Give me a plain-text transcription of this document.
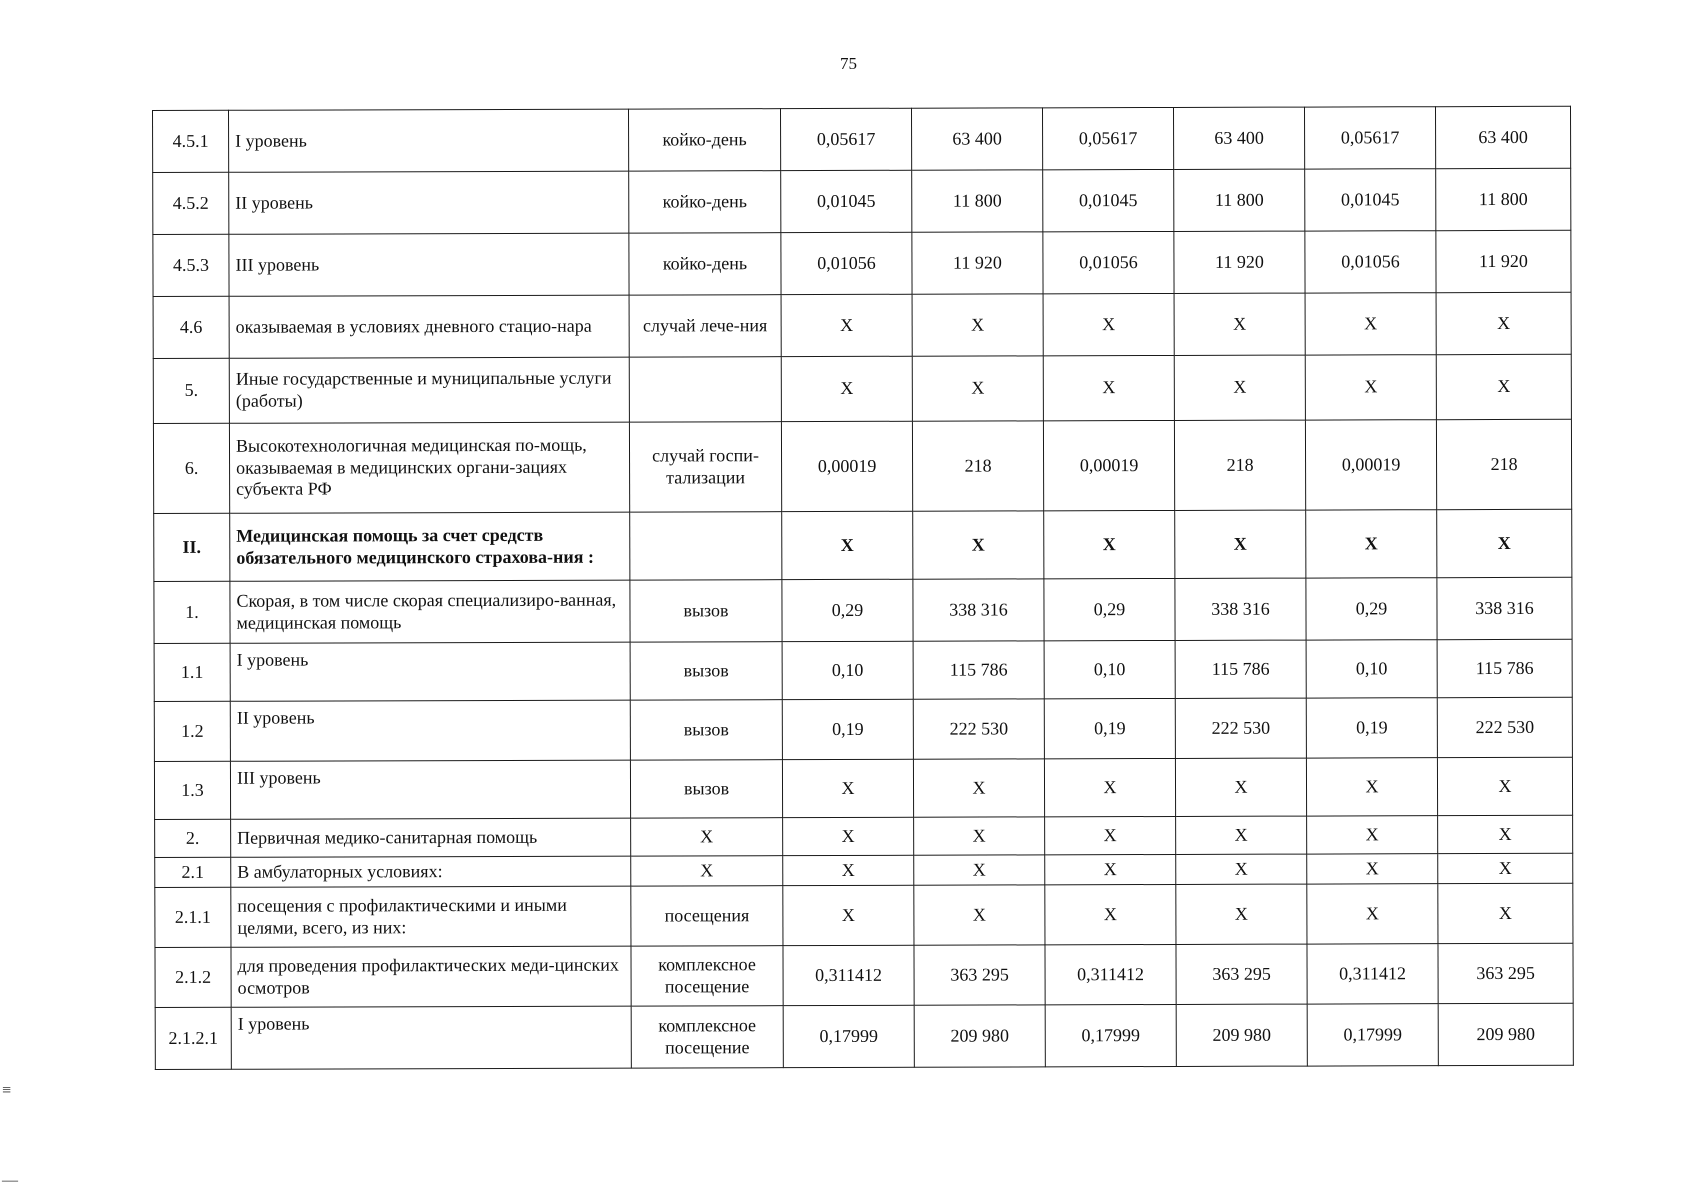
75
4.5.1	I уровень	койко-день	0,05617	63 400	0,05617	63 400	0,05617	63 400
4.5.2	II уровень	койко-день	0,01045	11 800	0,01045	11 800	0,01045	11 800
4.5.3	III уровень	койко-день	0,01056	11 920	0,01056	11 920	0,01056	11 920
4.6	оказываемая в условиях дневного стацио-нара	случай лече-ния	X	X	X	X	X	X
5.	Иные государственные и муниципальные услуги (работы)		X	X	X	X	X	X
6.	Высокотехнологичная медицинская по-мощь, оказываемая в медицинских органи-зациях субъекта РФ	случай госпи-тализации	0,00019	218	0,00019	218	0,00019	218
II.	Медицинская помощь за счет средств обязательного медицинского страхова-ния :		X	X	X	X	X	X
1.	Скорая, в том числе скорая специализиро-ванная, медицинская помощь	вызов	0,29	338 316	0,29	338 316	0,29	338 316
1.1	I уровень	вызов	0,10	115 786	0,10	115 786	0,10	115 786
1.2	II уровень	вызов	0,19	222 530	0,19	222 530	0,19	222 530
1.3	III уровень	вызов	X	X	X	X	X	X
2.	Первичная медико-санитарная помощь	X	X	X	X	X	X	X
2.1	В амбулаторных условиях:	X	X	X	X	X	X	X
2.1.1	посещения с профилактическими и иными целями, всего, из них:	посещения	X	X	X	X	X	X
2.1.2	для проведения профилактических меди-цинских осмотров	комплексное посещение	0,311412	363 295	0,311412	363 295	0,311412	363 295
2.1.2.1	I уровень	комплексное посещение	0,17999	209 980	0,17999	209 980	0,17999	209 980
≡
—
